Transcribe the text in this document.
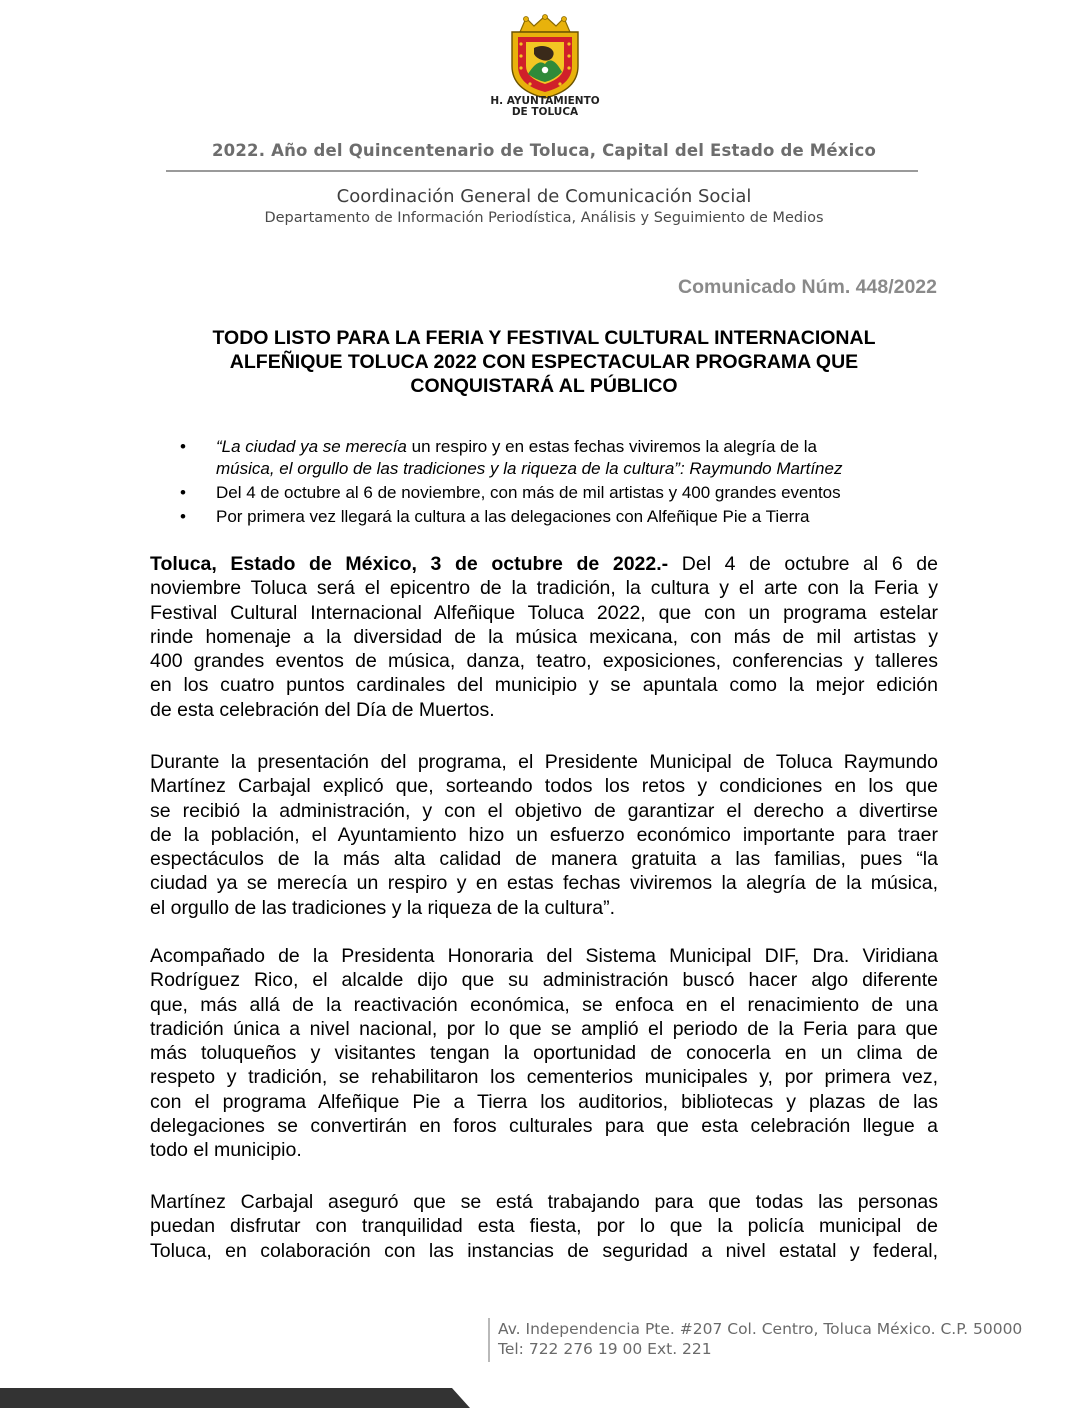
H. AYUNTAMIENTO
DE TOLUCA
2022. Año del Quincentenario de Toluca, Capital del Estado de México
Coordinación General de Comunicación Social
Departamento de Información Periodística, Análisis y Seguimiento de Medios
Comunicado Núm. 448/2022
TODO LISTO PARA LA FERIA Y FESTIVAL CULTURAL INTERNACIONAL
ALFEÑIQUE TOLUCA 2022 CON ESPECTACULAR PROGRAMA QUE
CONQUISTARÁ AL PÚBLICO
• “La ciudad ya se merecía un respiro y en estas fechas viviremos la alegría de la
música, el orgullo de las tradiciones y la riqueza de la cultura”: Raymundo Martínez
• Del 4 de octubre al 6 de noviembre, con más de mil artistas y 400 grandes eventos
• Por primera vez llegará la cultura a las delegaciones con Alfeñique Pie a Tierra
Toluca, Estado de México, 3 de octubre de 2022.- Del 4 de octubre al 6 de
noviembre Toluca será el epicentro de la tradición, la cultura y el arte con la Feria y
Festival Cultural Internacional Alfeñique Toluca 2022, que con un programa estelar
rinde homenaje a la diversidad de la música mexicana, con más de mil artistas y
400 grandes eventos de música, danza, teatro, exposiciones, conferencias y talleres
en los cuatro puntos cardinales del municipio y se apuntala como la mejor edición
de esta celebración del Día de Muertos.
Durante la presentación del programa, el Presidente Municipal de Toluca Raymundo
Martínez Carbajal explicó que, sorteando todos los retos y condiciones en los que
se recibió la administración, y con el objetivo de garantizar el derecho a divertirse
de la población, el Ayuntamiento hizo un esfuerzo económico importante para traer
espectáculos de la más alta calidad de manera gratuita a las familias, pues “la
ciudad ya se merecía un respiro y en estas fechas viviremos la alegría de la música,
el orgullo de las tradiciones y la riqueza de la cultura”.
Acompañado de la Presidenta Honoraria del Sistema Municipal DIF, Dra. Viridiana
Rodríguez Rico, el alcalde dijo que su administración buscó hacer algo diferente
que, más allá de la reactivación económica, se enfoca en el renacimiento de una
tradición única a nivel nacional, por lo que se amplió el periodo de la Feria para que
más toluqueños y visitantes tengan la oportunidad de conocerla en un clima de
respeto y tradición, se rehabilitaron los cementerios municipales y, por primera vez,
con el programa Alfeñique Pie a Tierra los auditorios, bibliotecas y plazas de las
delegaciones se convertirán en foros culturales para que esta celebración llegue a
todo el municipio.
Martínez Carbajal aseguró que se está trabajando para que todas las personas
puedan disfrutar con tranquilidad esta fiesta, por lo que la policía municipal de
Toluca, en colaboración con las instancias de seguridad a nivel estatal y federal,
Av. Independencia Pte. #207 Col. Centro, Toluca México. C.P. 50000
Tel: 722 276 19 00 Ext. 221
